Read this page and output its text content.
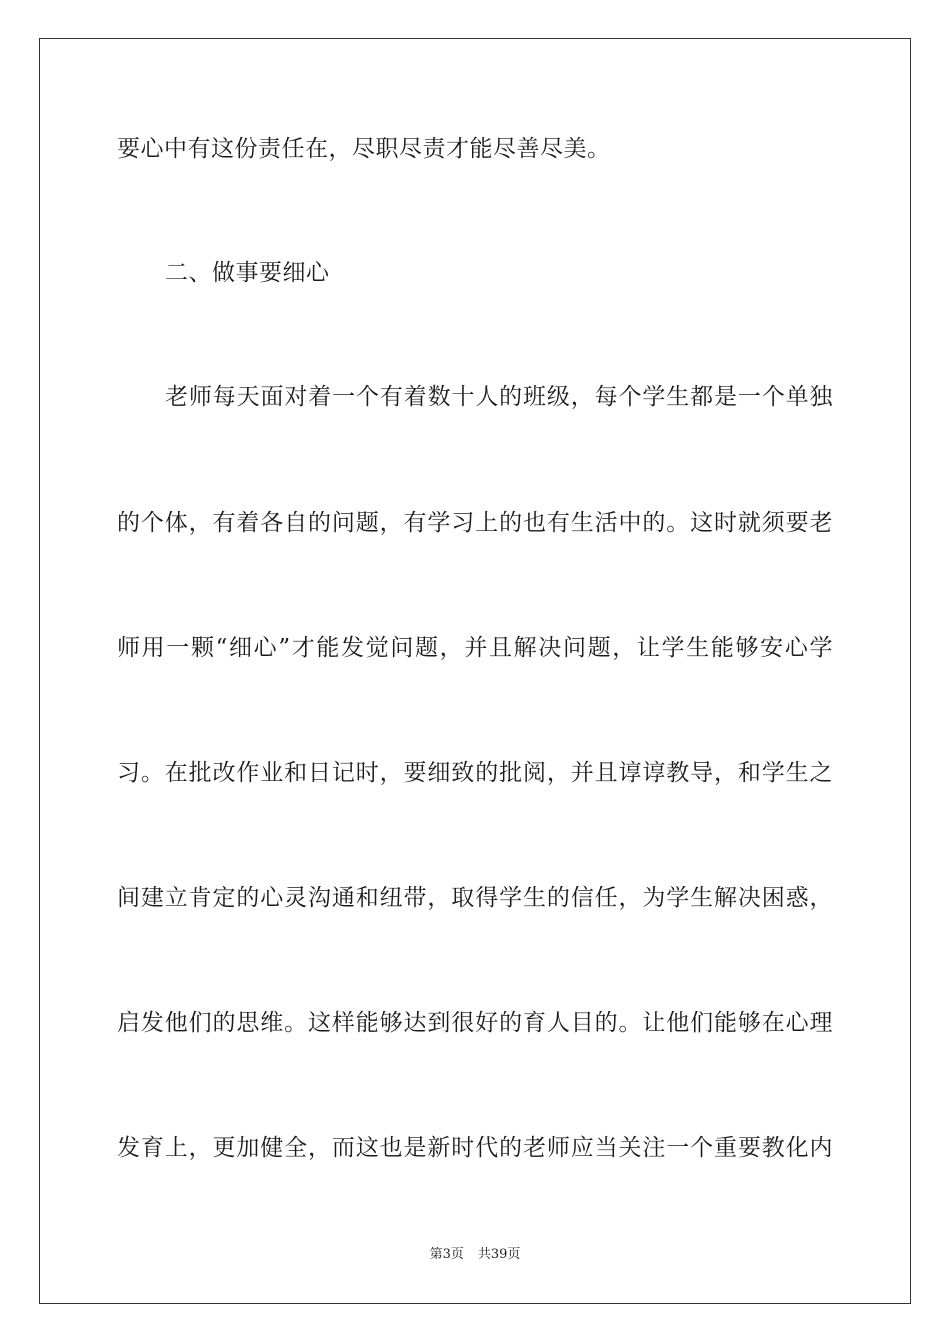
要心中有这份责任在，尽职尽责才能尽善尽美。
二、做事要细心
老师每天面对着一个有着数十人的班级，每个学生都是一个单独
的个体，有着各自的问题，有学习上的也有生活中的。这时就须要老
师用一颗“细心”才能发觉问题，并且解决问题，让学生能够安心学
习。在批改作业和日记时，要细致的批阅，并且谆谆教导，和学生之
间建立肯定的心灵沟通和纽带，取得学生的信任，为学生解决困惑，
启发他们的思维。这样能够达到很好的育人目的。让他们能够在心理
发育上，更加健全，而这也是新时代的老师应当关注一个重要教化内
第3页 共39页
